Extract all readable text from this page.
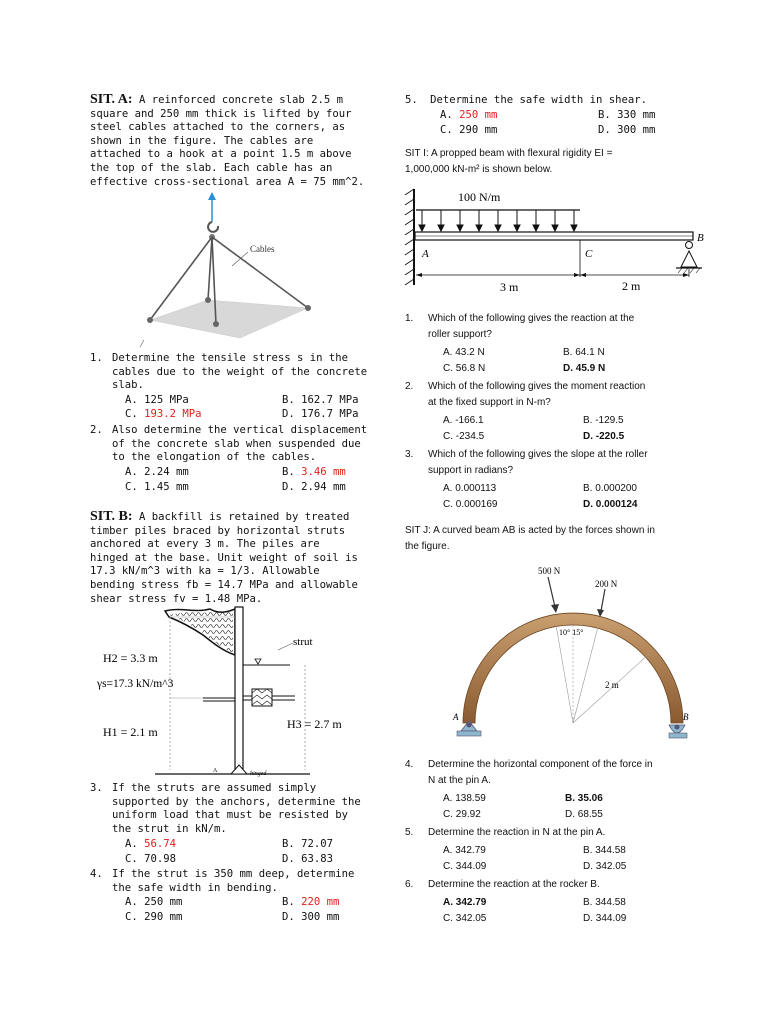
SIT. A: A reinforced concrete slab 2.5 m
square and 250 mm thick is lifted by four
steel cables attached to the corners, as
shown in the figure. The cables are
attached to a hook at a point 1.5 m above
the top of the slab. Each cable has an
effective cross-sectional area A = 75 mm^2.
Cables
1. Determine the tensile stress s in the
cables due to the weight of the concrete
slab.
A. 125 MPa	B. 162.7 MPa
C. 193.2 MPa	D. 176.7 MPa
2. Also determine the vertical displacement
of the concrete slab when suspended due
to the elongation of the cables.
A. 2.24 mm	B. 3.46 mm
C. 1.45 mm	D. 2.94 mm
SIT. B: A backfill is retained by treated
timber piles braced by horizontal struts
anchored at every 3 m. The piles are
hinged at the base. Unit weight of soil is
17.3 kN/m^3 with ka = 1/3. Allowable
bending stress fb = 14.7 MPa and allowable
shear stress fv = 1.48 MPa.
strut
H3 = 2.7 m
H2 = 3.3 m
γs=17.3 kN/m^3
H1 = 2.1 m
A	hinged
3. If the struts are assumed simply
supported by the anchors, determine the
uniform load that must be resisted by
the strut in kN/m.
A. 56.74	B. 72.07
C. 70.98	D. 63.83
4. If the strut is 350 mm deep, determine
the safe width in bending.
A. 250 mm	B. 220 mm
C. 290 mm	D. 300 mm
5. Determine the safe width in shear.
A. 250 mm	B. 330 mm
C. 290 mm	D. 300 mm
SIT I: A propped beam with flexural rigidity EI =
1,000,000 kN-m² is shown below.
100 N/m
A	C
B
3 m	2 m
1. Which of the following gives the reaction at the
roller support?
A. 43.2 N	B. 64.1 N
C. 56.8 N	D. 45.9 N
2. Which of the following gives the moment reaction
at the fixed support in N-m?
A. -166.1	B. -129.5
C. -234.5	D. -220.5
3. Which of the following gives the slope at the roller
support in radians?
A. 0.000113	B. 0.000200
C. 0.000169	D. 0.000124
SIT J: A curved beam AB is acted by the forces shown in
the figure.
10° 15°
2 m
500 N
200 N
A	B
4. Determine the horizontal component of the force in
N at the pin A.
A. 138.59	B. 35.06
C. 29.92	D. 68.55
5. Determine the reaction in N at the pin A.
A. 342.79	B. 344.58
C. 344.09	D. 342.05
6. Determine the reaction at the rocker B.
A. 342.79	B. 344.58
C. 342.05	D. 344.09
